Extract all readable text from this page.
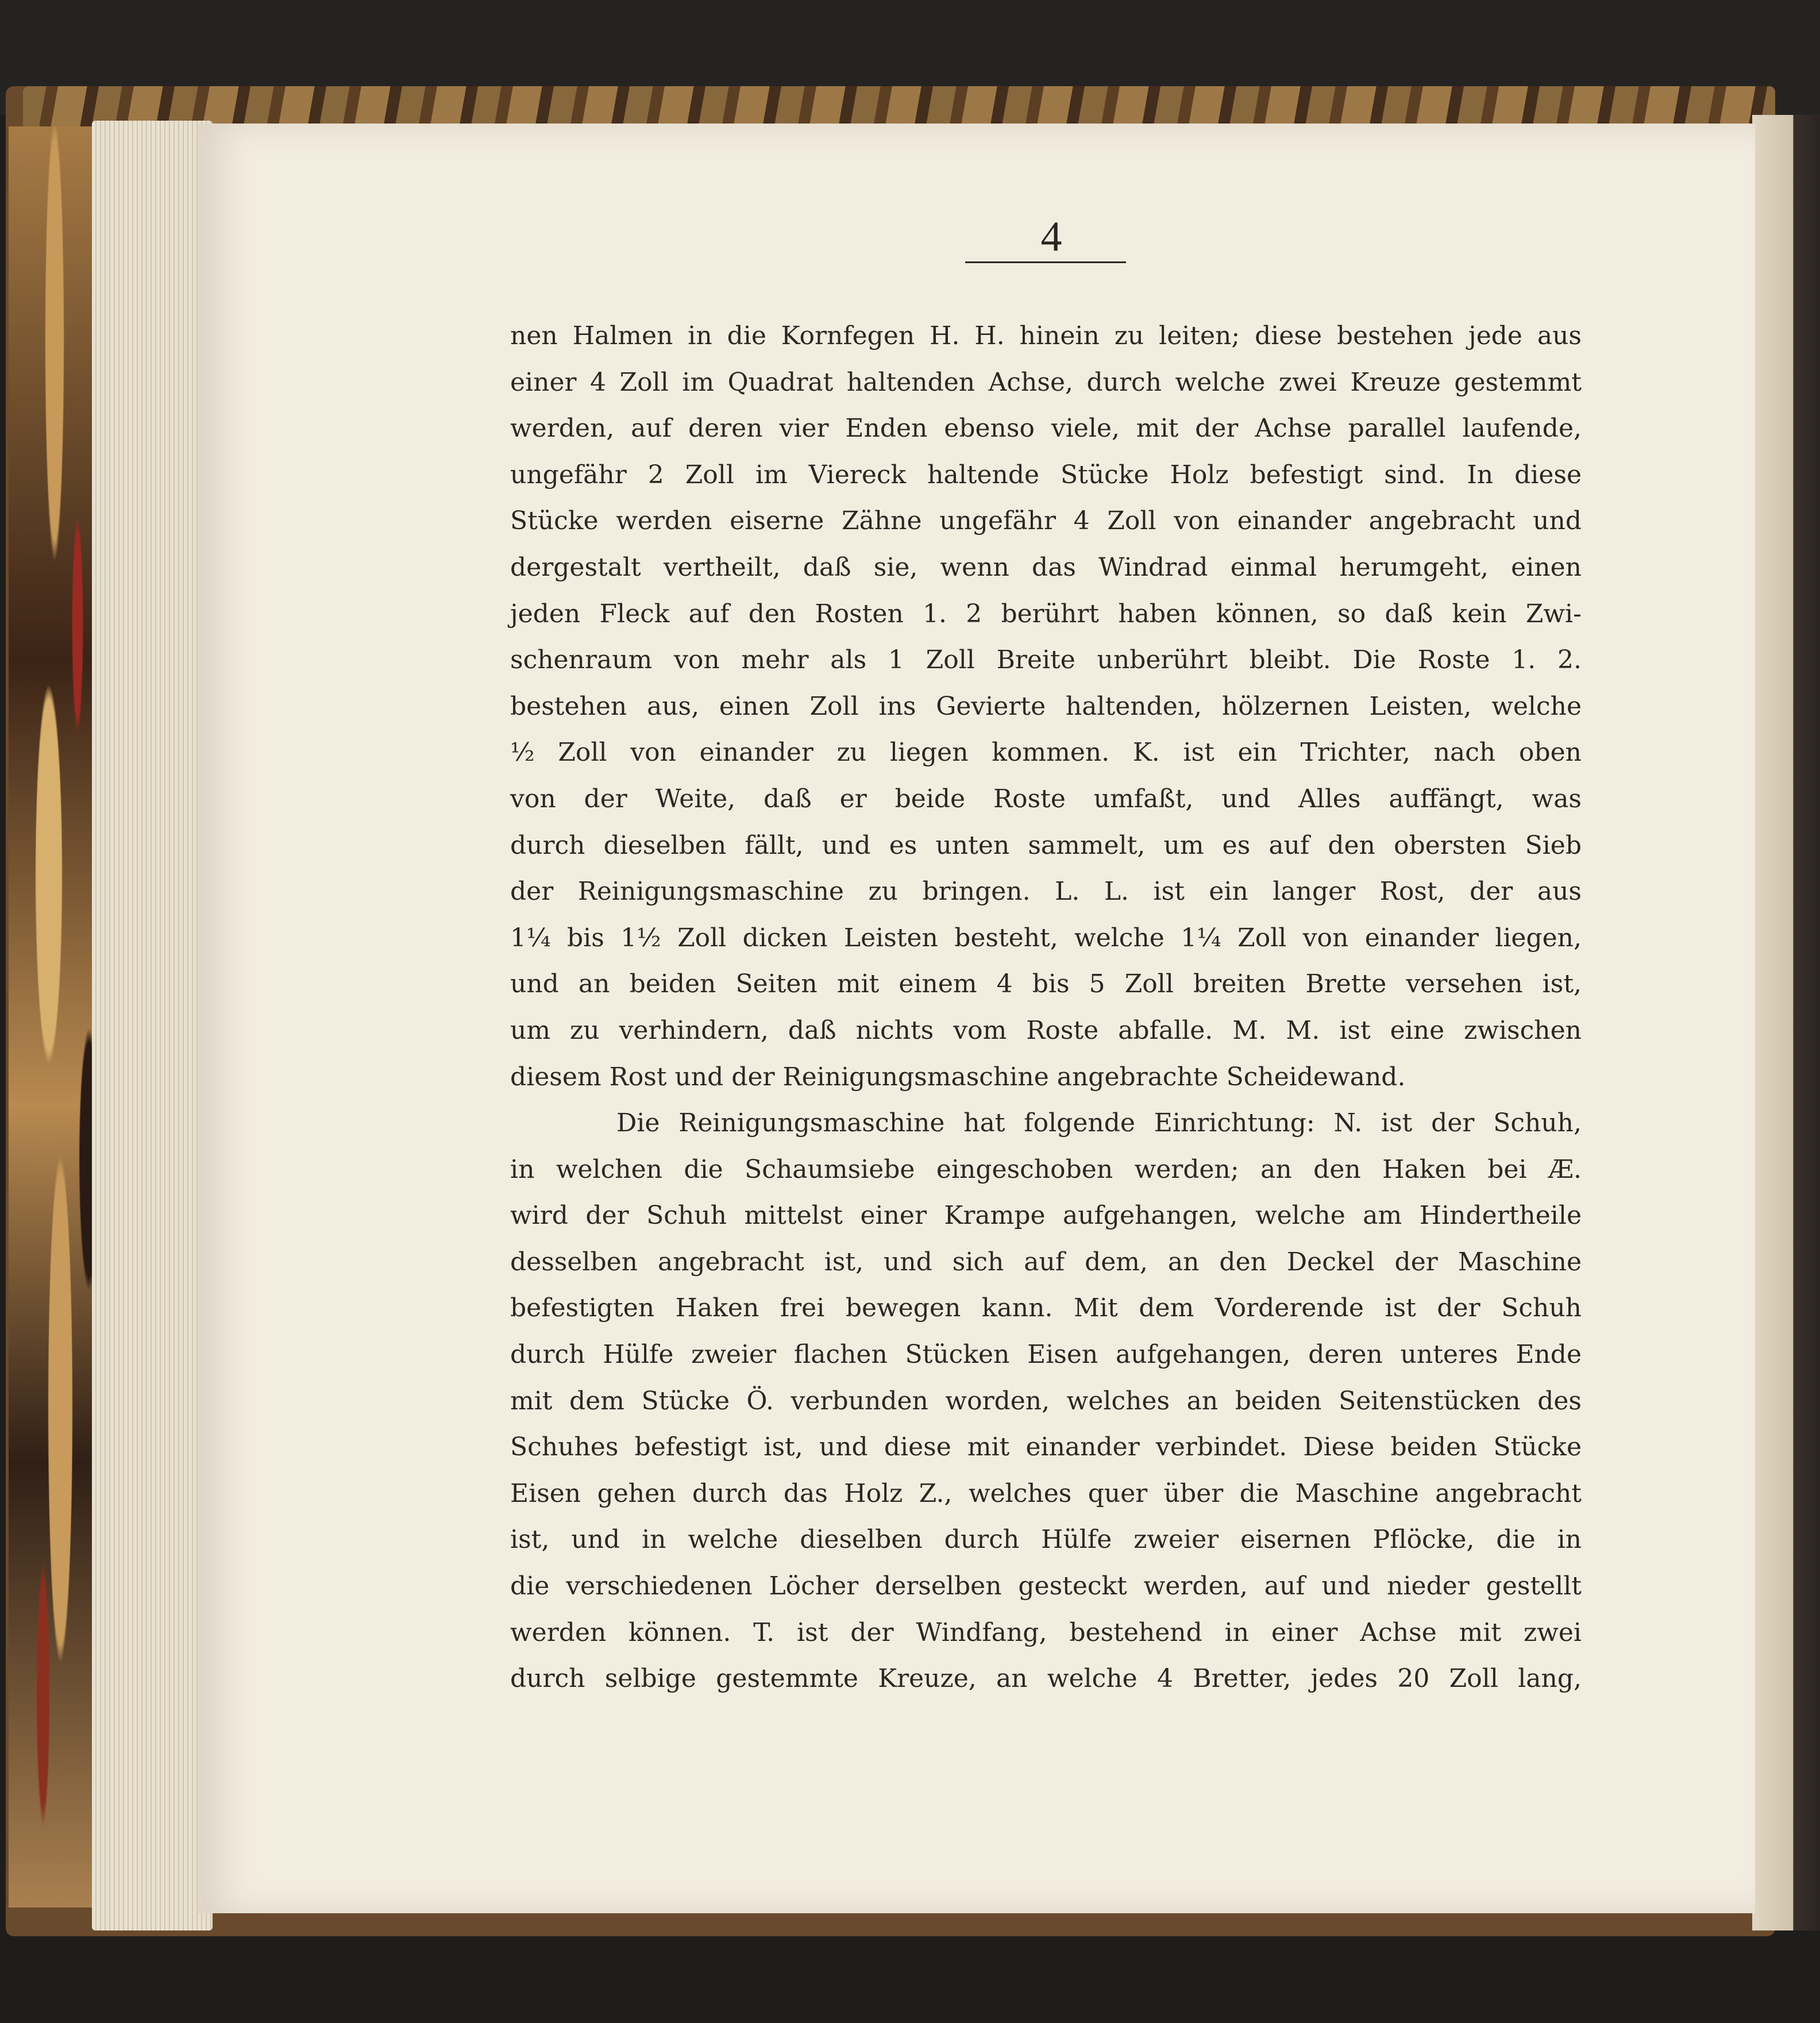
4
nen Halmen in die Kornfegen H. H. hinein zu leiten; diese bestehen jede aus
einer 4 Zoll im Quadrat haltenden Achse, durch welche zwei Kreuze gestemmt
werden, auf deren vier Enden ebenso viele, mit der Achse parallel laufende,
ungefähr 2 Zoll im Viereck haltende Stücke Holz befestigt sind. In diese
Stücke werden eiserne Zähne ungefähr 4 Zoll von einander angebracht und
dergestalt vertheilt, daß sie, wenn das Windrad einmal herumgeht, einen
jeden Fleck auf den Rosten 1. 2 berührt haben können, so daß kein Zwi-
schenraum von mehr als 1 Zoll Breite unberührt bleibt. Die Roste 1. 2.
bestehen aus, einen Zoll ins Gevierte haltenden, hölzernen Leisten, welche
½ Zoll von einander zu liegen kommen. K. ist ein Trichter, nach oben
von der Weite, daß er beide Roste umfaßt, und Alles auffängt, was
durch dieselben fällt, und es unten sammelt, um es auf den obersten Sieb
der Reinigungsmaschine zu bringen. L. L. ist ein langer Rost, der aus
1¼ bis 1½ Zoll dicken Leisten besteht, welche 1¼ Zoll von einander liegen,
und an beiden Seiten mit einem 4 bis 5 Zoll breiten Brette versehen ist,
um zu verhindern, daß nichts vom Roste abfalle. M. M. ist eine zwischen
diesem Rost und der Reinigungsmaschine angebrachte Scheidewand.
Die Reinigungsmaschine hat folgende Einrichtung: N. ist der Schuh,
in welchen die Schaumsiebe eingeschoben werden; an den Haken bei Æ.
wird der Schuh mittelst einer Krampe aufgehangen, welche am Hindertheile
desselben angebracht ist, und sich auf dem, an den Deckel der Maschine
befestigten Haken frei bewegen kann. Mit dem Vorderende ist der Schuh
durch Hülfe zweier flachen Stücken Eisen aufgehangen, deren unteres Ende
mit dem Stücke Ö. verbunden worden, welches an beiden Seitenstücken des
Schuhes befestigt ist, und diese mit einander verbindet. Diese beiden Stücke
Eisen gehen durch das Holz Z., welches quer über die Maschine angebracht
ist, und in welche dieselben durch Hülfe zweier eisernen Pflöcke, die in
die verschiedenen Löcher derselben gesteckt werden, auf und nieder gestellt
werden können. T. ist der Windfang, bestehend in einer Achse mit zwei
durch selbige gestemmte Kreuze, an welche 4 Bretter, jedes 20 Zoll lang,
